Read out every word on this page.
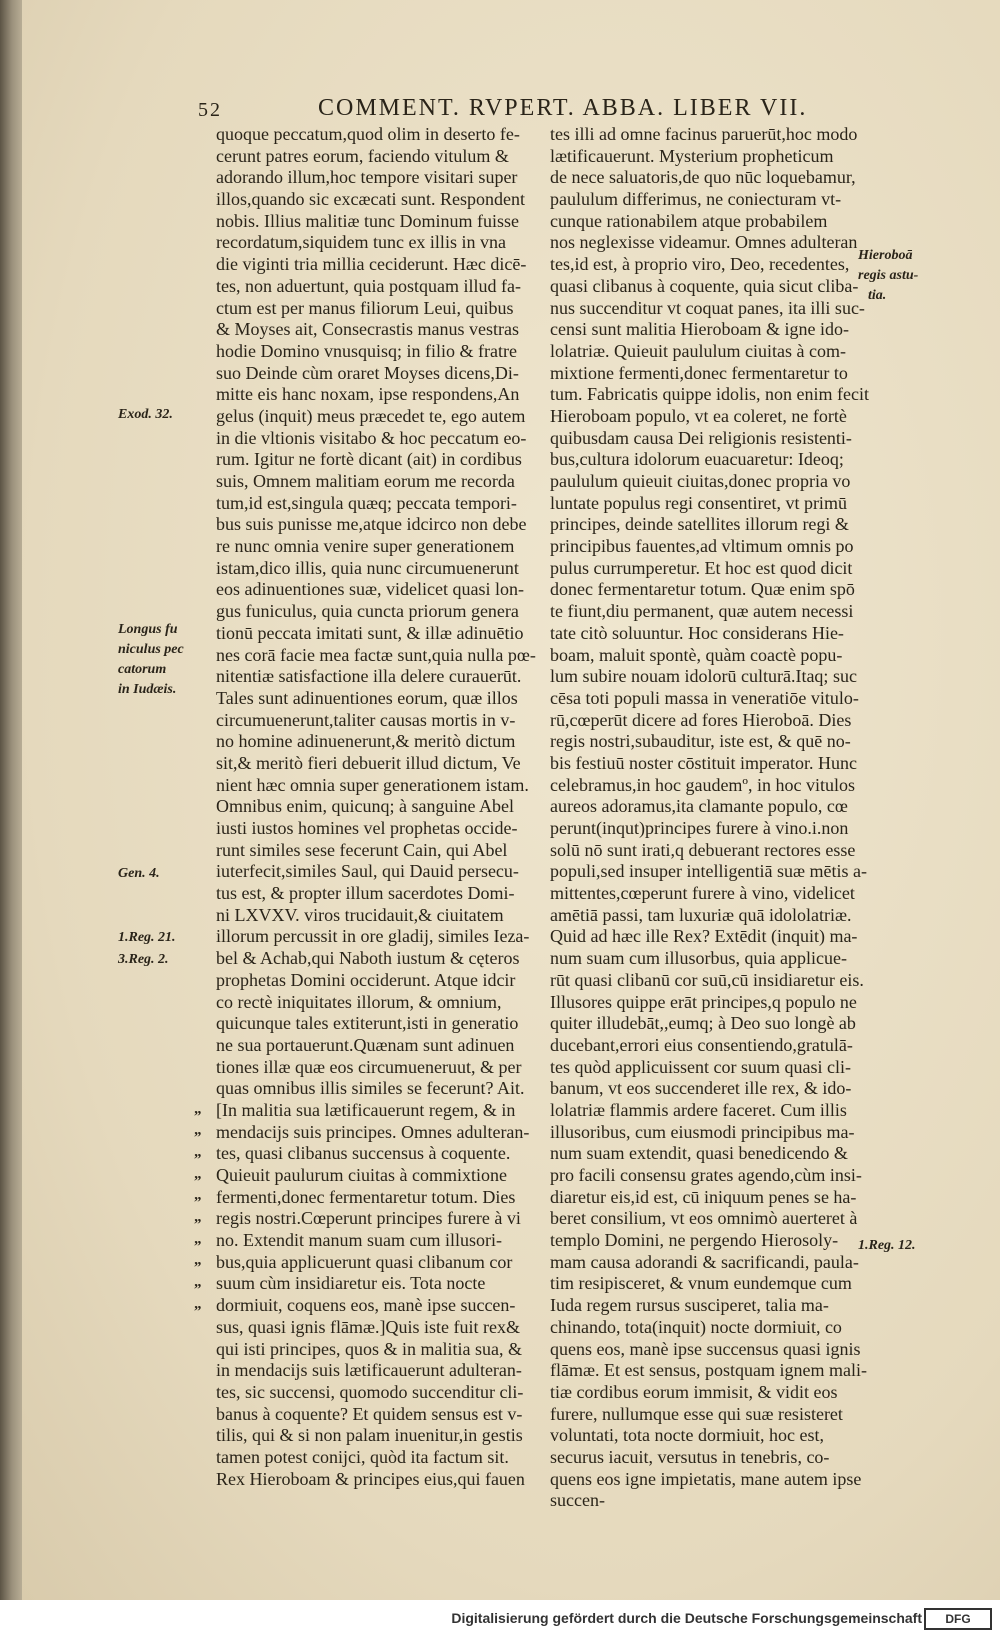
52	COMMENT. RVPERT. ABBA. LIBER VII.
quoque peccatum,quod olim in deserto fe-
cerunt patres eorum, faciendo vitulum &
adorando illum,hoc tempore visitari super
illos,quando sic excæcati sunt. Respondent
nobis. Illius malitiæ tunc Dominum fuisse
recordatum,siquidem tunc ex illis in vna
die viginti tria millia ceciderunt. Hæc dicē-
tes, non aduertunt, quia postquam illud fa-
ctum est per manus filiorum Leui, quibus
& Moyses ait, Consecrastis manus vestras
hodie Domino vnusquisq; in filio & fratre
suo Deinde cùm oraret Moyses dicens,Di-
mitte eis hanc noxam, ipse respondens,An
gelus (inquit) meus præcedet te, ego autem
in die vltionis visitabo & hoc peccatum eo-
rum. Igitur ne fortè dicant (ait) in cordibus
suis, Omnem malitiam eorum me recorda
tum,id est,singula quæq; peccata tempori-
bus suis punisse me,atque idcirco non debe
re nunc omnia venire super generationem
istam,dico illis, quia nunc circumuenerunt
eos adinuentiones suæ, videlicet quasi lon-
gus funiculus, quia cuncta priorum genera
tionū peccata imitati sunt, & illæ adinuētio
nes corā facie mea factæ sunt,quia nulla pœ-
nitentiæ satisfactione illa delere curauerūt.
Tales sunt adinuentiones eorum, quæ illos
circumuenerunt,taliter causas mortis in v-
no homine adinuenerunt,& meritò dictum
sit,& meritò fieri debuerit illud dictum, Ve
nient hæc omnia super generationem istam.
Omnibus enim, quicunq; à sanguine Abel
iusti iustos homines vel prophetas occide-
runt similes sese fecerunt Cain, qui Abel
iuterfecit,similes Saul, qui Dauid persecu-
tus est, & propter illum sacerdotes Domi-
ni LXVXV. viros trucidauit,& ciuitatem
illorum percussit in ore gladij, similes Ieza-
bel & Achab,qui Naboth iustum & cęteros
prophetas Domini occiderunt. Atque idcir
co rectè iniquitates illorum, & omnium,
quicunque tales extiterunt,isti in generatio
ne sua portauerunt.Quænam sunt adinuen
tiones illæ quæ eos circumueneruut, & per
quas omnibus illis similes se fecerunt? Ait.
[In malitia sua lætificauerunt regem, & in
mendacijs suis principes. Omnes adulteran-
tes, quasi clibanus succensus à coquente.
Quieuit paulurum ciuitas à commixtione
fermenti,donec fermentaretur totum. Dies
regis nostri.Cœperunt principes furere à vi
no. Extendit manum suam cum illusori-
bus,quia applicuerunt quasi clibanum cor
suum cùm insidiaretur eis. Tota nocte
dormiuit, coquens eos, manè ipse succen-
sus, quasi ignis flāmæ.]Quis iste fuit rex&
qui isti principes, quos & in malitia sua, &
in mendacijs suis lætificauerunt adulteran-
tes, sic succensi, quomodo succenditur cli-
banus à coquente? Et quidem sensus est v-
tilis, qui & si non palam inuenitur,in gestis
tamen potest conijci, quòd ita factum sit.
Rex Hieroboam & principes eius,qui fauen
tes illi ad omne facinus paruerūt,hoc modo
lætificauerunt. Mysterium propheticum
de nece saluatoris,de quo nūc loquebamur,
paululum differimus, ne coniecturam vt-
cunque rationabilem atque probabilem
nos neglexisse videamur. Omnes adulteran
tes,id est, à proprio viro, Deo, recedentes,
quasi clibanus à coquente, quia sicut cliba-
nus succenditur vt coquat panes, ita illi suc-
censi sunt malitia Hieroboam & igne ido-
lolatriæ. Quieuit paululum ciuitas à com-
mixtione fermenti,donec fermentaretur to
tum. Fabricatis quippe idolis, non enim fecit
Hieroboam populo, vt ea coleret, ne fortè
quibusdam causa Dei religionis resistenti-
bus,cultura idolorum euacuaretur: Ideoq;
paululum quieuit ciuitas,donec propria vo
luntate populus regi consentiret, vt primū
principes, deinde satellites illorum regi &
principibus fauentes,ad vltimum omnis po
pulus currumperetur. Et hoc est quod dicit
donec fermentaretur totum. Quæ enim spō
te fiunt,diu permanent, quæ autem necessi
tate citò soluuntur. Hoc considerans Hie-
boam, maluit spontè, quàm coactè popu-
lum subire nouam idolorū culturā.Itaq; suc
cēsa toti populi massa in veneratiōe vitulo-
rū,cœperūt dicere ad fores Hieroboā. Dies
regis nostri,subauditur, iste est, & quē no-
bis festiuū noster cōstituit imperator. Hunc
celebramus,in hoc gaudemº, in hoc vitulos
aureos adoramus,ita clamante populo, cœ
perunt(inqut)principes furere à vino.i.non
solū nō sunt irati,q debuerant rectores esse
populi,sed insuper intelligentiā suæ mētis a-
mittentes,cœperunt furere à vino, videlicet
amētiā passi, tam luxuriæ quā idololatriæ.
Quid ad hæc ille Rex? Extēdit (inquit) ma-
num suam cum illusorbus, quia applicue-
rūt quasi clibanū cor suū,cū insidiaretur eis.
Illusores quippe erāt principes,q populo ne
quiter illudebāt,,eumq; à Deo suo longè ab
ducebant,errori eius consentiendo,gratulā-
tes quòd applicuissent cor suum quasi cli-
banum, vt eos succenderet ille rex, & ido-
lolatriæ flammis ardere faceret. Cum illis
illusoribus, cum eiusmodi principibus ma-
num suam extendit, quasi benedicendo &
pro facili consensu grates agendo,cùm insi-
diaretur eis,id est, cū iniquum penes se ha-
beret consilium, vt eos omnimò auerteret à
templo Domini, ne pergendo Hierosoly-
mam causa adorandi & sacrificandi, paula-
tim resipisceret, & vnum eundemque cum
Iuda regem rursus susciperet, talia ma-
chinando, tota(inquit) nocte dormiuit, co
quens eos, manè ipse succensus quasi ignis
flāmæ. Et est sensus, postquam ignem mali-
tiæ cordibus eorum immisit, & vidit eos
furere, nullumque esse qui suæ resisteret
voluntati, tota nocte dormiuit, hoc est,
securus iacuit, versutus in tenebris, co-
quens eos igne impietatis, mane autem ipse
succen-
Exod. 32.
Longus fu
niculus pec
catorum
in Iudæis.
Gen. 4.
1.Reg. 21.
3.Reg. 2.
Hieroboā
regis astu-
tia.
1.Reg. 12.
„
„
„
„
„
„
„
„
„
„
Digitalisierung gefördert durch die Deutsche Forschungsgemeinschaft	DFG
